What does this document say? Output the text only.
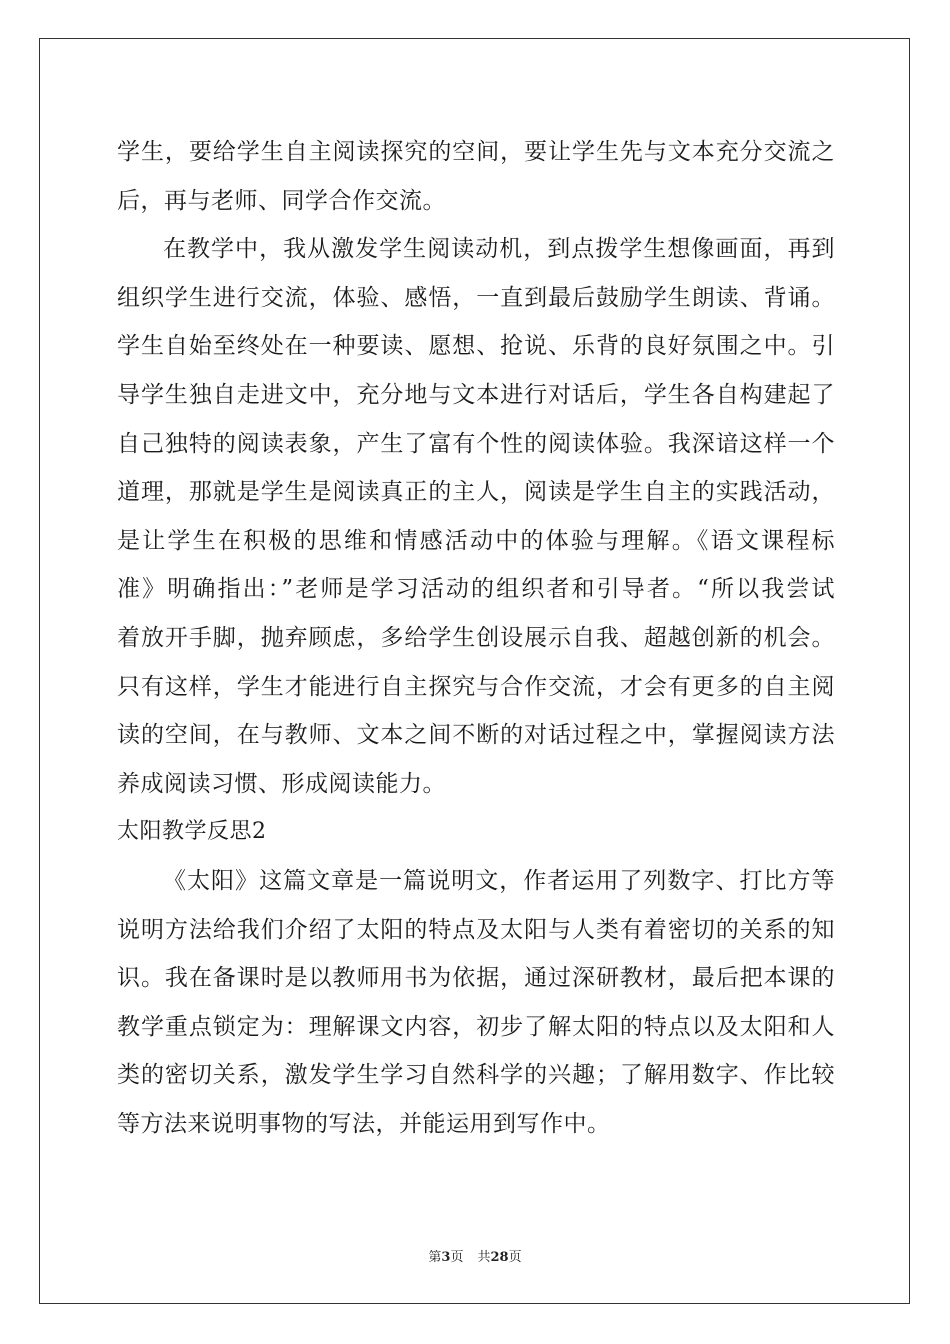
学生，要给学生自主阅读探究的空间，要让学生先与文本充分交流之
后，再与老师、同学合作交流。
在教学中，我从激发学生阅读动机，到点拨学生想像画面，再到
组织学生进行交流，体验、感悟，一直到最后鼓励学生朗读、背诵。
学生自始至终处在一种要读、愿想、抢说、乐背的良好氛围之中。引
导学生独自走进文中，充分地与文本进行对话后，学生各自构建起了
自己独特的阅读表象，产生了富有个性的阅读体验。我深谙这样一个
道理，那就是学生是阅读真正的主人，阅读是学生自主的实践活动，
是让学生在积极的思维和情感活动中的体验与理解。《语文课程标
准》明确指出：”老师是学习活动的组织者和引导者。“所以我尝试
着放开手脚，抛弃顾虑，多给学生创设展示自我、超越创新的机会。
只有这样，学生才能进行自主探究与合作交流，才会有更多的自主阅
读的空间，在与教师、文本之间不断的对话过程之中，掌握阅读方法
养成阅读习惯、形成阅读能力。
太阳教学反思2
《太阳》这篇文章是一篇说明文，作者运用了列数字、打比方等
说明方法给我们介绍了太阳的特点及太阳与人类有着密切的关系的知
识。我在备课时是以教师用书为依据，通过深研教材，最后把本课的
教学重点锁定为：理解课文内容，初步了解太阳的特点以及太阳和人
类的密切关系，激发学生学习自然科学的兴趣；了解用数字、作比较
等方法来说明事物的写法，并能运用到写作中。
第3页 共28页
